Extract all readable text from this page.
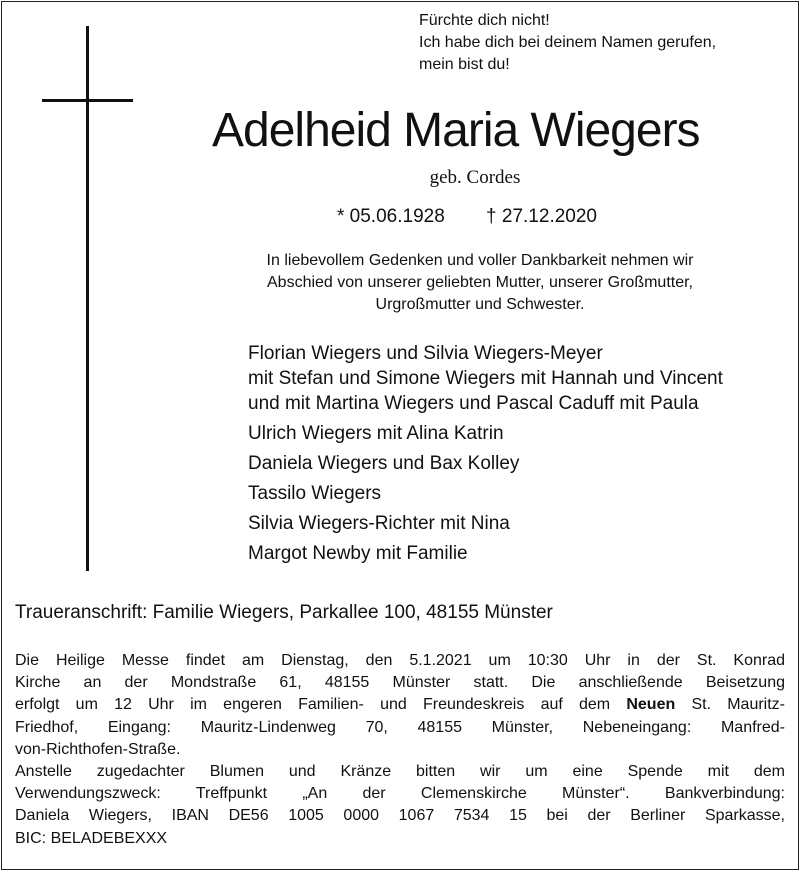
Fürchte dich nicht!
Ich habe dich bei deinem Namen gerufen,
mein bist du!
Adelheid Maria Wiegers
geb. Cordes
* 05.06.1928 † 27.12.2020
In liebevollem Gedenken und voller Dankbarkeit nehmen wir
Abschied von unserer geliebten Mutter, unserer Großmutter,
Urgroßmutter und Schwester.
Florian Wiegers und Silvia Wiegers-Meyer
mit Stefan und Simone Wiegers mit Hannah und Vincent
und mit Martina Wiegers und Pascal Caduff mit Paula
Ulrich Wiegers mit Alina Katrin
Daniela Wiegers und Bax Kolley
Tassilo Wiegers
Silvia Wiegers-Richter mit Nina
Margot Newby mit Familie
Traueranschrift: Familie Wiegers, Parkallee 100, 48155 Münster
Die Heilige Messe findet am Dienstag, den 5.1.2021 um 10:30 Uhr in der St. Konrad
Kirche an der Mondstraße 61, 48155 Münster statt. Die anschließende Beisetzung
erfolgt um 12 Uhr im engeren Familien- und Freundeskreis auf dem Neuen St. Mauritz-
Friedhof, Eingang: Mauritz-Lindenweg 70, 48155 Münster, Nebeneingang: Manfred-
von-Richthofen-Straße.
Anstelle zugedachter Blumen und Kränze bitten wir um eine Spende mit dem
Verwendungszweck: Treffpunkt „An der Clemenskirche Münster“. Bankverbindung:
Daniela Wiegers, IBAN DE56 1005 0000 1067 7534 15 bei der Berliner Sparkasse,
BIC: BELADEBEXXX
